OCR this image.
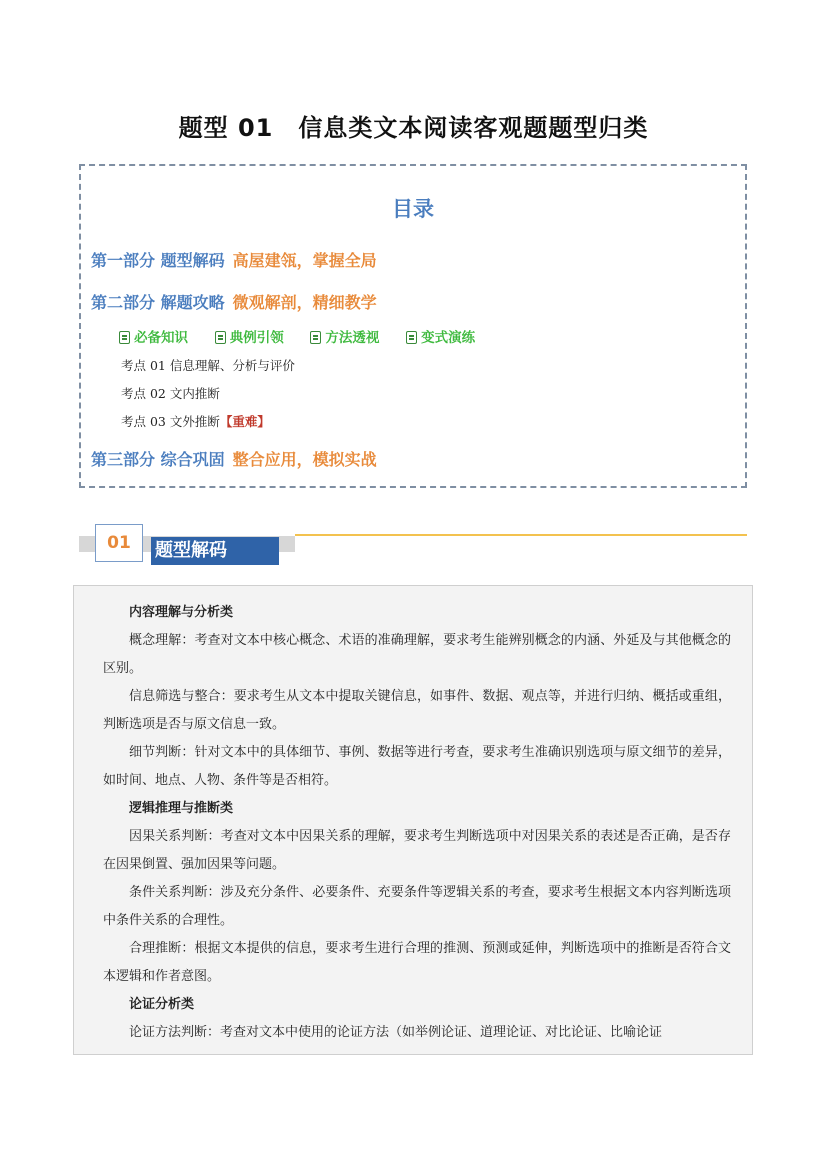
题型 01　信息类文本阅读客观题题型归类
目录
第一部分 题型解码 高屋建瓴，掌握全局
第二部分 解题攻略 微观解剖，精细教学
必备知识	典例引领	方法透视	变式演练
考点 01 信息理解、分析与评价
考点 02 文内推断
考点 03 文外推断【重难】
第三部分 综合巩固 整合应用，模拟实战
01	题型解码
内容理解与分析类
概念理解：考查对文本中核心概念、术语的准确理解，要求考生能辨别概念的内涵、外延及与其他概念的区别。
信息筛选与整合：要求考生从文本中提取关键信息，如事件、数据、观点等，并进行归纳、概括或重组，判断选项是否与原文信息一致。
细节判断：针对文本中的具体细节、事例、数据等进行考查，要求考生准确识别选项与原文细节的差异，如时间、地点、人物、条件等是否相符。
逻辑推理与推断类
因果关系判断：考查对文本中因果关系的理解，要求考生判断选项中对因果关系的表述是否正确，是否存在因果倒置、强加因果等问题。
条件关系判断：涉及充分条件、必要条件、充要条件等逻辑关系的考查，要求考生根据文本内容判断选项中条件关系的合理性。
合理推断：根据文本提供的信息，要求考生进行合理的推测、预测或延伸，判断选项中的推断是否符合文本逻辑和作者意图。
论证分析类
论证方法判断：考查对文本中使用的论证方法（如举例论证、道理论证、对比论证、比喻论证
